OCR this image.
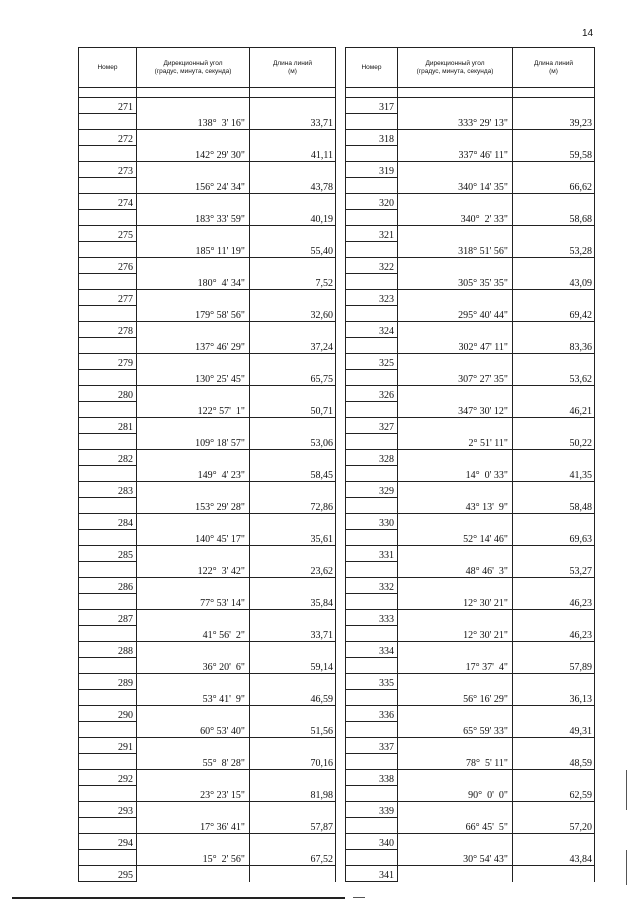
14
Номер	Дирекционный угол
(градус, минута, секунда)	Длина линий
(м)

271	138°  3' 16"	33,71

272	142° 29' 30"	41,11

273	156° 24' 34"	43,78

274	183° 33' 59"	40,19

275	185° 11' 19"	55,40

276	180°  4' 34"	7,52

277	179° 58' 56"	32,60

278	137° 46' 29"	37,24

279	130° 25' 45"	65,75

280	122° 57'  1"	50,71

281	109° 18' 57"	53,06

282	149°  4' 23"	58,45

283	153° 29' 28"	72,86

284	140° 45' 17"	35,61

285	122°  3' 42"	23,62

286	77° 53' 14"	35,84

287	41° 56'  2"	33,71

288	36° 20'  6"	59,14

289	53° 41'  9"	46,59

290	60° 53' 40"	51,56

291	55°  8' 28"	70,16

292	23° 23' 15"	81,98

293	17° 36' 41"	57,87

294	15°  2' 56"	67,52

295		
Номер	Дирекционный угол
(градус, минута, секунда)	Длина линий
(м)

317	333° 29' 13"	39,23

318	337° 46' 11"	59,58

319	340° 14' 35"	66,62

320	340°  2' 33"	58,68

321	318° 51' 56"	53,28

322	305° 35' 35"	43,09

323	295° 40' 44"	69,42

324	302° 47' 11"	83,36

325	307° 27' 35"	53,62

326	347° 30' 12"	46,21

327	2° 51' 11"	50,22

328	14°  0' 33"	41,35

329	43° 13'  9"	58,48

330	52° 14' 46"	69,63

331	48° 46'  3"	53,27

332	12° 30' 21"	46,23

333	12° 30' 21"	46,23

334	17° 37'  4"	57,89

335	56° 16' 29"	36,13

336	65° 59' 33"	49,31

337	78°  5' 11"	48,59

338	90°  0'  0"	62,59

339	66° 45'  5"	57,20

340	30° 54' 43"	43,84

341		
